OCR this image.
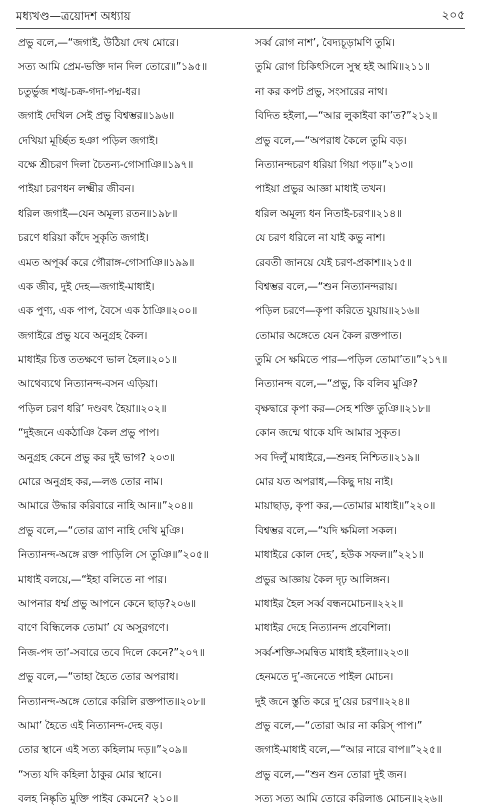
মধ্যখণ্ড—ত্রয়োদশ অধ্যায়	২০৫
প্রভু বলে,—“জগাই, উঠিয়া দেখ মোরে।
সত্য আমি প্রেম-ভক্তি দান দিল তোরে॥”১৯৫॥
চতুর্ভুজ শঙ্খ-চক্র-গদা-পদ্ম-ধর।
জগাই দেখিল সেই প্রভু বিশ্বম্ভর॥১৯৬॥
দেখিয়া মূর্চ্ছিত হঞা পড়িল জগাই।
বক্ষে শ্রীচরণ দিলা চৈতন্য-গোসাঞি॥১৯৭॥
পাইয়া চরণধন লক্ষ্মীর জীবন।
ধরিল জগাই—যেন অমূল্য রতন॥১৯৮॥
চরণে ধরিয়া কাঁদে সুকৃতি জগাই।
এমত অপূর্ব্ব করে গৌরাঙ্গ-গোসাঞি॥১৯৯॥
এক জীব, দুই দেহ—জগাই-মাধাই।
এক পুণ্য, এক পাপ, বৈসে এক ঠাঞি॥২০০॥
জগাইরে প্রভু যবে অনুগ্রহ কৈল।
মাধাইর চিত্ত ততক্ষণে ভাল হৈল॥২০১॥
আথেব্যথে নিত্যানন্দ-বসন এড়িয়া।
পড়িল চরণ ধরি’ দণ্ডবৎ হৈয়া॥২০২॥
“দুইজনে একঠাঞি কৈল প্রভু পাপ।
অনুগ্রহ কেনে প্রভু কর দুই ভাগ? ২০৩॥
মোরে অনুগ্রহ কর,—লঙ তোর নাম।
আমারে উদ্ধার করিবারে নাহি আন॥”২০৪॥
প্রভু বলে,—“তোর ত্রাণ নাহি দেখি মুঞি।
নিত্যানন্দ-অঙ্গে রক্ত পাড়িলি সে তুঞি॥”২০৫॥
মাধাই বলয়ে,—“ইহা বলিতে না পার।
আপনার ধর্ম্ম প্রভু আপনে কেনে ছাড়?২০৬॥
বাণে বিন্ধিলেক তোমা’ যে অসুরগণে।
নিজ-পদ তা’-সবারে তবে দিলে কেনে?”২০৭॥
প্রভু বলে,—“তাহা হৈতে তোর অপরাধ।
নিত্যানন্দ-অঙ্গে তোরে করিলি রক্তপাত॥২০৮॥
আমা’ হৈতে এই নিত্যানন্দ-দেহ বড়।
তোর স্থানে এই সত্য কহিলাম দড়॥”২০৯॥
“সত্য যদি কহিলা ঠাকুর মোর স্থানে।
বলহ নিষ্কৃতি মুক্তি পাইব কেমনে? ২১০॥
সর্ব্ব রোগ নাশ’, বৈদ্যচূড়ামণি তুমি।
তুমি রোগ চিকিৎসিলে সুস্থ হই আমি॥২১১॥
না কর কপট প্রভু, সংসারের নাথ।
বিদিত হইলা,—“আর লুকাইবা কা’ত?”২১২॥
প্রভু বলে,—“অপরাধ কৈলে তুমি বড়।
নিত্যানন্দচরণ ধরিয়া গিয়া পড়॥”২১৩॥
পাইয়া প্রভুর আজ্ঞা মাধাই তখন।
ধরিল অমূল্য ধন নিতাই-চরণ॥২১৪॥
যে চরণ ধরিলে না যাই কভু নাশ।
রেবতী জানয়ে যেই চরণ-প্রকাশ॥২১৫॥
বিশ্বম্ভর বলে,—“শুন নিত্যানন্দরায়।
পড়িল চরণে—কৃপা করিতে যুয়ায়॥২১৬॥
তোমার অঙ্গেতে যেন কৈল রক্তপাত।
তুমি সে ক্ষমিতে পার—পড়িল তোমা’ত॥”২১৭॥
নিত্যানন্দ বলে,—“প্রভু, কি বলিব মুঞি?
বৃক্ষদ্বারে কৃপা কর—সেহ শক্তি তুঞি॥২১৮॥
কোন জন্মে থাকে যদি আমার সুকৃত।
সব দিলুঁ মাধাইরে,—শুনহ নিশ্চিত॥২১৯॥
মোর যত অপরাধ,—কিছু দায় নাই।
মায়াছাড়, কৃপা কর,—তোমার মাধাই॥”২২০॥
বিশ্বম্ভর বলে,—“যদি ক্ষমিলা সকল।
মাধাইরে কোল দেহ’, হউক সফল॥”২২১॥
প্রভুর আজ্ঞায় কৈল দৃঢ় আলিঙ্গন।
মাধাইর হৈল সর্ব্ব বন্ধনমোচন॥২২২॥
মাধাইর দেহে নিত্যানন্দ প্রবেশিলা।
সর্ব্ব-শক্তি-সমন্বিত মাধাই হইলা॥২২৩॥
হেনমতে দু’-জনেতে পাইল মোচন।
দুই জনে স্তুতি করে দু’য়ের চরণ॥২২৪॥
প্রভু বলে,—“তোরা আর না করিস্ পাপ।”
জগাই-মাধাই বলে,—“আর নারে বাপ॥”২২৫॥
প্রভু বলে,—“শুন শুন তোরা দুই জন।
সত্য সত্য আমি তোরে করিলাঙ মোচন॥২২৬॥
